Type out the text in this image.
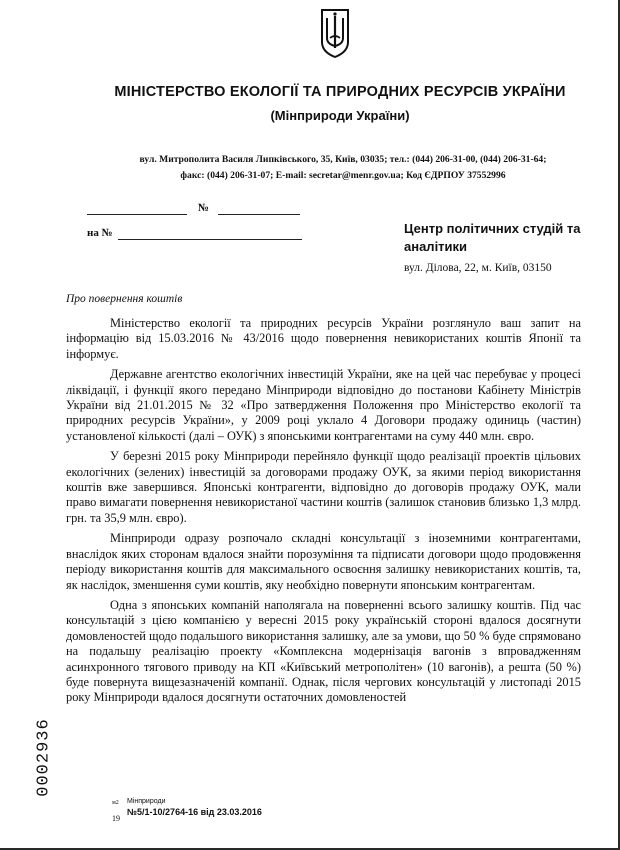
МІНІСТЕРСТВО ЕКОЛОГІЇ ТА ПРИРОДНИХ РЕСУРСІВ УКРАЇНИ
(Мінприроди України)
вул. Митрополита Василя Липківського, 35, Київ, 03035; тел.: (044) 206-31-00, (044) 206-31-64;
факс: (044) 206-31-07; E-mail: secretar@menr.gov.ua; Код ЄДРПОУ 37552996
№
на №	Центр політичних студій та аналітики
вул. Ділова, 22, м. Київ, 03150
Про повернення коштів

Міністерство екології та природних ресурсів України розглянуло ваш запит на інформацію від 15.03.2016 № 43/2016 щодо повернення невикористаних коштів Японії та інформує.

Державне агентство екологічних інвестицій України, яке на цей час перебуває у процесі ліквідації, і функції якого передано Мінприроди відповідно до постанови Кабінету Міністрів України від 21.01.2015 № 32 «Про затвердження Положення про Міністерство екології та природних ресурсів України», у 2009 році уклало 4 Договори продажу одиниць (частин) установленої кількості (далі – ОУК) з японськими контрагентами на суму 440 млн. євро.

У березні 2015 року Мінприроди перейняло функції щодо реалізації проектів цільових екологічних (зелених) інвестицій за договорами продажу ОУК, за якими період використання коштів вже завершився. Японські контрагенти, відповідно до договорів продажу ОУК, мали право вимагати повернення невикористаної частини коштів (залишок становив близько 1,3 млрд. грн. та 35,9 млн. євро).

Мінприроди одразу розпочало складні консультації з іноземними контрагентами, внаслідок яких сторонам вдалося знайти порозуміння та підписати договори щодо продовження періоду використання коштів для максимального освоєння залишку невикористаних коштів, та, як наслідок, зменшення суми коштів, яку необхідно повернути японським контрагентам.

Одна з японських компаній наполягала на поверненні всього залишку коштів. Під час консультацій з цією компанією у вересні 2015 року українській стороні вдалося досягнути домовленостей щодо подальшого використання залишку, але за умови, що 50 % буде спрямовано на подальшу реалізацію проекту «Комплексна модернізація вагонів з впровадженням асинхронного тягового приводу на КП «Київський метрополітен» (10 вагонів), а решта (50 %) буде повернута вищезазначеній компанії. Однак, після чергових консультацій у листопаді 2015 року Мінприроди вдалося досягнути остаточних домовленостей

0002936
м2 Мінприроди
№5/1-10/2764-16 від 23.03.2016
19
